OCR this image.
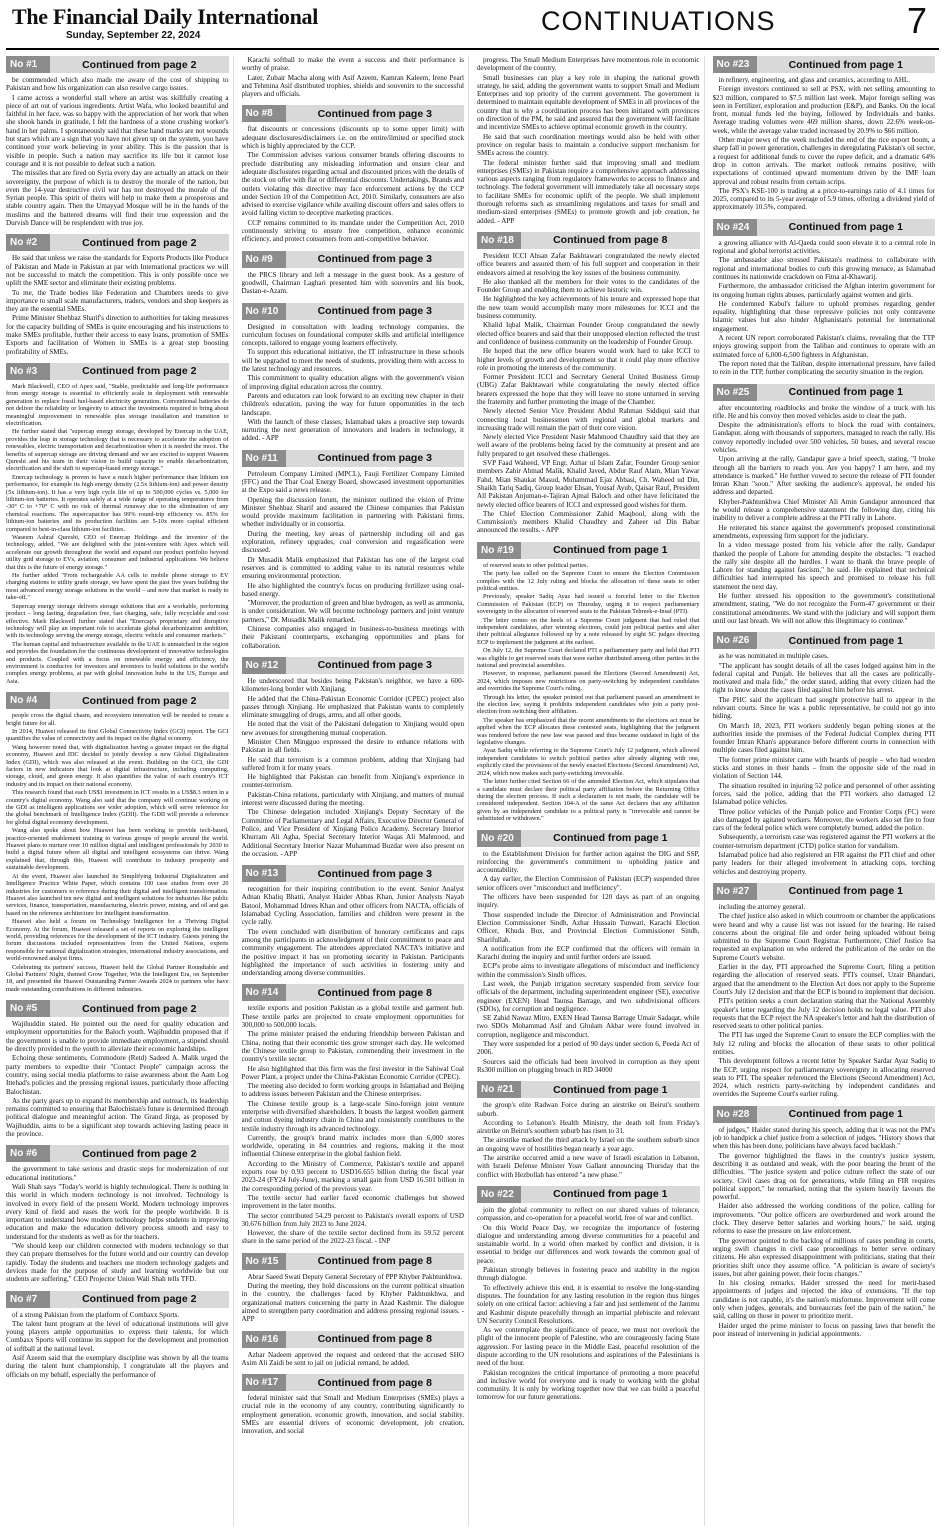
The Financial Daily International
Sunday, September 22, 2024	CONTINUATIONS	7
No #1	Continued from page 2

be commended which also made me aware of the cost of shipping to Pakistan and how his organization can also resolve cargo issues.

I came across a wonderful stall where an artist was skillfully creating a piece of art out of various ingredients. Artist Wafa, who looked beautiful and faithful in her face, was so happy with the appreciation of her work that when she shook hands in gratitude, I felt the hardness of a stone crushing worker's hand in her palms. I spontaneously said that these hand marks are not wounds but stars which are a sign that you have not given up on the system, you have continued your work believing in your ability. This is the passion that is visible in people. Such a nation may sacrifice its life but it cannot lose courage and it is not possible to defeat such a nation.

The missiles that are fired on Syria every day are actually an attack on their sovereignty, the purpose of which is to destroy the morale of the nation, but even the 14-year destructive civil war has not destroyed the morale of the Syrian people. This spirit of theirs will help to make them a prosperous and stable country again. Then the Umayyad Mosque will be in the hands of the muslims and the battered dreams will find their true expression and the Durvish Dance will be resplendent with true joy.

No #2	Continued from page 2

He said that unless we raise the standards for Exports Products like Produce of Pakistan and Made in Pakistan at par with International practices we will not be successful to match the competition. This is only possible once we uplift the SME sector and eliminate their existing problems.

To me, the Trade bodies like Federation and Chambers needs to give importance to small scale manufacturers, traders, vendors and shop keepers as they are the essential SMEs.

Prime Minister Shehbaz Sharif's direction to authorities for taking measures for the capacity building of SMEs is quite encouraging and his instructions to make SMEs profitable, further their access to easy loans, promotion of SMEs Exports and facilitation of Women in SMEs is a great step boosting profitability of SMEs.

No #3	Continued from page 2

Mark Blackwell, CEO of Apex said, "Stable, predictable and long-life performance from energy storage is essential to efficiently scale in deployment with renewable generation to replace fossil fuel-based electricity generation. Conventional batteries do not deliver the reliability or longevity to attract the investments required to bring about meaningful improvement in renewable plus storage installation and transition to electrification.

He further stated that "supercap energy storage, developed by Enercap in the UAE, provides the leap in storage technology that is necessary to accelerate the adoption of renewables, electric transportation and decarbonization when it is needed the most. The benefits of supercap storage are driving demand and we are excited to support Waseem Qureshi and his team in their vision to build capacity to enable decarbonization, electrification and the shift to supercap-based energy storage."

Enercap technology is proven to have a much higher performance than lithium ion performance, for example its high energy density (2.5x lithium-ion) and power density (5x lithium-ion). It has a very high cycle life of up to 500,000 cycles vs. 5,000 for lithium-ion batteries. It operates safely at a wide range of operating temperatures from -30° C to +70° C with no risk of thermal runaway due to the elimination of any chemical reactions. The supercapacitor has 99% round-trip efficiency vs. 85% for lithium-ion batteries and its production facilities are 5-10x more capital efficient compared to best-in-class lithium-ion facilities.

Waseem Ashraf Qureshi, CEO of Enercap Holdings and the inventor of the technology, added, "We are delighted with the joint-venture with Apex which will accelerate our growth throughout the world and expand our product portfolio beyond utility grid storage to EVs, aviation, consumer and industrial applications. We believe that this is the future of energy storage."

He further added "From rechargeable AA cells to mobile phone storage to EV charging stations to utility grade storage, we have spent the past five years building the most advanced energy storage solutions in the world – and now that market is ready to take-off."

Supercap energy storage delivers storage solutions that are a workable, performing product – long lasting, degradation free, fast charging, safe, fully recyclable and cost effective. Mark Blackwell further stated that "Enercap's proprietary and disruptive technology will play an important role to accelerate global decarbonization ambition, with its technology serving the energy storage, electric vehicle and consumer markets."

The human capital and infrastructure available in the UAE is unmatched in the region and provides the foundation for the continuous development of innovative technologies and products. Coupled with a focus on renewable energy and efficiency, the environment is conducive for investors and inventors to build solutions to the world's complex energy problems, at par with global innovation hubs in the US, Europe and Asia.

No #4	Continued from page 2

people cross the digital chasm, and ecosystem innovation will be needed to create a bright future for all.

In 2014, Huawei released its first Global Connectivity Index (GCI) report. The GCI quantifies the value of connectivity and its impact on the digital economy.

Wang however noted that, with digitalization having a greater impact on the digital economy, Huawei and IDC decided to jointly develop a new Global Digitalization Index (GDI), which was also released at the event. Building on the GCI, the GDI factors in new indicators that look at digital infrastructure, including computing, storage, cloud, and green energy. It also quantifies the value of each country's ICT industry and its impact on their national economy.

This research found that each US$1 investment in ICT results in a US$8.3 return in a country's digital economy. Wang also said that the company will continue working on the GDI as intelligent applications see wider adoption, which will serve reference for the global benchmark of Intelligence Index (GDII). The GDII will provide a reference for global digital economy development.

Wang also spoke about how Huawei has been working to provide tech-based, practice-oriented enablement training to various groups of people around the world. Huawei plans to nurture over 10 million digital and intelligent professionals by 2030 to build a digital future where all digital and intelligent ecosystems can thrive. Wang explained that, through this, Huawei will contribute to industry prosperity and sustainable development.

At the event, Huawei also launched its Simplifying Industrial Digitalization and Intelligence Practice White Paper, which contains 100 case studies from over 20 industries for customers to reference during their digital and intelligent transformation. Huawei also launched ten new digital and intelligent solutions for industries like public services, finance, transportation, manufacturing, electric power, mining, and oil and gas based on the reference architecture for intelligent transformation.

Huawei also held a forum on Technology Intelligence for a Thriving Digital Economy. At the forum, Huawei released a set of reports on exploring the intelligent world, providing references for the development of the ICT industry. Guests joining the forum discussions included representatives from the United Nations, experts responsible for national digitalization strategies, international industry associations, and world-renowned analyst firms.

Celebrating its partners' success, Huawei held the Global Partner Roundtable and Global Partners' Night, themed Grow Together, Win the Intelligent Era, on September 18, and presented the Huawei Outstanding Partner Awards 2024 to partners who have made outstanding contributions in different industries.

No #5	Continued from page 2

Wajihuddin stated. He pointed out the need for quality education and employment opportunities for the Baloch youth. Wajihuddin proposed that if the government is unable to provide immediate employment, a stipend should be directly provided to the youth to alleviate their economic hardships.

Echoing these sentiments, Commodore (Retd) Sadeed A. Malik urged the party members to expedite their "Contact People" campaign across the country, using social media platforms to raise awareness about the Aam Log Ittehad's policies and the pressing regional issues, particularly those affecting Balochistan.

As the party gears up to expand its membership and outreach, its leadership remains committed to ensuring that Balochistan's future is determined through political dialogue and meaningful action. The Grand Jirga, as proposed by Wajihuddin, aims to be a significant step towards achieving lasting peace in the province.

No #6	Continued from page 2

the government to take serious and drastic steps for modernization of our educational institutions."

Wali Shah says "Today's world is highly technological. There is nothing in this world in which modern technology is not involved. Technology is involved in every field of the present World. Modern technology improves every kind of field and eases the work for the people worldwide. It is important to understand how modern technology helps students in improving education and make the education delivery process smooth and easy to understand for the students as well as for the teachers.

"We should keep our children connected with modern technology so that they can prepare themselves for the future world and our country can develop rapidly. Today the students and teachers use modern technology gadgets and devices made for the purpose of study and learning worldwide but our students are suffering," CEO Projector Union Wali Shah tells TFD.

No #7	Continued from page 2

of a strong Pakistan from the platform of Combaxx Sports.

The talent hunt program at the level of educational institutions will give young players ample opportunities to express their talents, for which Combaxx Sports will continue its support for the development and promotion of softball at the national level.

Asif Azeem said that the exemplary discipline was shown by all the teams during the talent hunt championship, I congratulate all the players and officials on my behalf, especially the performance of

Karachi softball to make the event a success and their performance is worthy of praise.

Later, Zubair Macha along with Asif Azeem, Kamran Kaleem, Irene Pearl and Tehmina Asif distributed trophies, shields and souvenirs to the successful players and officials.

No #8	Continued from page 3

flat discounts or concessions (discounts up to some upper limit) with adequate disclosures/disclaimers i.e. on the entire/limited or specified stock which is highly appreciated by the CCP.

The Commission advises various consumer brands offering discounts to preclude distributing any misleading information and ensure clear and adequate disclosures regarding actual and discounted prices with the details of the stock on offer with flat or differential discounts. Undertakings, Brands and outlets violating this directive may face enforcement actions by the CCP under Section 10 of the Competition Act, 2010. Similarly, consumers are also advised to exercise vigilance while availing discount offers and sales offers to avoid falling victim to deceptive marketing practices.

CCP remains committed to its mandate under the Competition Act, 2010 continuously striving to ensure free competition, enhance economic efficiency, and protect consumers from anti-competitive behavior.

No #9	Continued from page 3

the PRCS library and left a message in the guest book. As a gesture of goodwill, Chairman Laghari presented him with souvenirs and his book, Dastan-e-Azam.

No #10	Continued from page 3

Designed in consultation with leading technology companies, the curriculum focuses on foundational computer skills and artificial intelligence concepts, tailored to engage young learners effectively.

To support this educational initiative, the IT infrastructure in these schools will be upgraded to meet the needs of students, providing them with access to the latest technology and resources.

This commitment to quality education aligns with the government's vision of improving digital education across the country.

Parents and educators can look forward to an exciting new chapter in their children's education, paving the way for future opportunities in the tech landscape.

With the launch of these classes, Islamabad takes a proactive step towards nurturing the next generation of innovators and leaders in technology, it added. - APP

No #11	Continued from page 3

Petroleum Company Limited (MPCL), Fauji Fertilizer Company Limited (FFC) and the Thar Coal Energy Board, showcased investment opportunities at the Expo said a news release.

Opening the discussion forum, the minister outlined the vision of Prime Minister Shehbaz Sharif and assured the Chinese companies that Pakistan would provide maximum facilitation in partnering with Pakistani firms, whether individually or in consortia.

During the meeting, key areas of partnership including oil and gas exploration, refinery upgrades, coal conversion and regasification were discussed.

Dr Musadik Malik emphasized that Pakistan has one of the largest coal reserves and is committed to adding value to its natural resources while ensuring environmental protection.

He also highlighted the country's focus on producing fertilizer using coal-based energy.

"Moreover, the production of green and blue hydrogen, as well as ammonia, is under consideration. We will become technology partners and joint venture partners," Dr. Musadik Malik remarked.

Chinese companies also engaged in business-to-business meetings with their Pakistani counterparts, exchanging opportunities and plans for collaboration.

No #12	Continued from page 3

He underscored that besides being Pakistan's neighbor, we have a 600-kilometer-long border with Xinjiang.

He added that the China-Pakistan Economic Corridor (CPEC) project also passes through Xinjiang. He emphasized that Pakistan wants to completely eliminate smuggling of drugs, arms, and all other goods.

He noted that the visit of the Pakistani delegation to Xinjiang would open new avenues for strengthening mutual cooperation.

Minister Chen Mingguo expressed the desire to enhance relations with Pakistan in all fields.

He said that terrorism is a common problem, adding that Xinjiang had suffered from it for many years.

He highlighted that Pakistan can benefit from Xinjiang's experience in counter-terrorism.

Pakistan-China relations, particularly with Xinjiang, and matters of mutual interest were discussed during the meeting.

The Chinese delegation included Xinjiang's Deputy Secretary of the Committee of Parliamentary and Legal Affairs, Executive Director General of Police, and Vice President of Xinjiang Police Academy. Secretary Interior Khurram Ali Agha, Special Secretary Interior Waqas Ali Mahmood, and Additional Secretary Interior Nazar Muhammad Buzdar were also present on the occasion. - APP

No #13	Continued from page 3

recognition for their inspiring contribution to the event. Senior Analyst Adnan Khaliq Bhatti, Analyst Haider Abbas Khan, Junior Analysts Nayab Batool, Mohammad Idrees Khan and other officers from NACTA, officials of Islamabad Cycling Association, families and children were present in the cycle rally.

The event concluded with distribution of honorary certificates and caps among the participants in acknowledgment of their commitment to peace and community engagement. The attendees appreciated NACTA's initiative and the positive impact it has on promoting security in Pakistan. Participants highlighted the importance of such activities in fostering unity and understanding among diverse communities.

No #14	Continued from page 8

textile exports and position Pakistan as a global textile and garment hub. These textile parks are projected to create employment opportunities for 300,000 to 500,000 locals.

The prime minister praised the enduring friendship between Pakistan and China, noting that their economic ties grow stronger each day. He welcomed the Chinese textile group to Pakistan, commending their investment in the country's textile sector.

He also highlighted that this firm was the first investor in the Sahiwal Coal Power Plant, a project under the China-Pakistan Economic Corridor (CPEC).

The meeting also decided to form working groups in Islamabad and Beijing to address issues between Pakistan and the Chinese enterprises.

The Chinese textile group is a large-scale Sino-foreign joint venture enterprise with diversified shareholders. It boasts the largest woollen garment and cotton dyeing industry chain in China and consistently contributes to the textile industry through its advanced technology.

Currently, the group's brand matrix includes more than 6,000 stores worldwide, operating in 84 countries and regions, making it the most influential Chinese enterprise in the global fashion field.

According to the Ministry of Commerce, Pakistan's textile and apparel exports rose by 0.93 percent to USD16.655 billion during the fiscal year 2023-24 (FY24 July-June), marking a small gain from USD 16.501 billion in the corresponding period of the previous year.

The textile sector had earlier faced economic challenges but showed improvement in the later months.

The sector contributed 54.29 percent to Pakistan's overall exports of USD 30.676 billion from July 2023 to June 2024.

However, the share of the textile sector declined from its 59.52 percent share in the same period of the 2022-23 fiscal. - INP

No #15	Continued from page 8

Abrar Saeed Swati Deputy General Secretary of PPP Khyber Pakhtunkhwa.

During the meeting, they hold discussions on the current political situation in the country, the challenges faced by Khyber Pakhtunkhwa, and organizational matters concerning the party in Azad Kashmir. The dialogue aimed to strengthen party coordination and address pressing regional issues. - APP

No #16	Continued from page 8

Azhar Nadeem approved the request and ordered that the accused SHO Asim Ali Zaidi be sent to jail on judicial remand, he added.

No #17	Continued from page 8

federal minister said that Small and Medium Enterprises (SMEs) plays a crucial role in the economy of any country, contributing significantly to employment generation, economic growth, innovation, and social stability. SMEs are essential drivers of economic development, job creation, innovation, and social

progress. The Small Medium Enterprises have momentous role in economic development of the country.

Small businesses can play a key role in shaping the national growth strategy, he said, adding the government wants to support Small and Medium Enterprises and top priority of the current government. The government is determined to maintain equitable development of SMEs in all provinces of the country that is why a coordination process has been initiated with provinces on direction of the PM, he said and assured that the government will facilitate and incentivize SMEs to achieve optimal economic growth in the country.

He said that such coordination meetings would also be held with other province on regular basis to maintain a conducive support mechanism for SMEs across the country.

The federal minister further said that improving small and medium enterprises (SMEs) in Pakistan require a comprehensive approach addressing various aspects ranging from regulatory frameworks to access to finance and technology. The federal government will immediately take all necessary steps to facilitate SMEs for economic uplift of the people. We shall implement thorough reforms such as streamlining regulations and taxes for small and medium-sized enterprises (SMEs) to promote growth and job creation, he added. - APP

No #18	Continued from page 8

President ICCI Ahsan Zafar Bakhtawari congratulated the newly elected office bearers and assured them of his full support and cooperation in their endeavors aimed at resolving the key issues of the business community.

He also thanked all the members for their votes to the candidates of the Founder Group and enabling them to achieve historic win.

He highlighted the key achievements of his tenure and expressed hope that the new team would accomplish many more milestones for ICCI and the business community.

Khalid Iqbal Malik, Chairman Founder Group congratulated the newly elected office bearers and said that their unopposed election reflected the trust and confidence of business community on the leadership of Founder Group.

He hoped that the new office bearers would work hard to take ICCI to higher levels of growth and development so that it could play more effective role in promoting the interests of the community.

Former President ICCI and Secretary General United Business Group (UBG) Zafar Bakhtawari while congratulating the newly elected office bearers expressed the hope that they will leave no stone unturned in serving the fraternity and further promoting the image of the Chamber.

Newly elected Senior Vice President Abdul Rahman Siddiqui said that connecting local businessmen with regional and global markets and increasing trade will remain the part of their core vision.

Newly elected Vice President Nasir Mahmood Chaudhry said that they are well aware of the problems being faced by the community at present and are fully prepared to get resolved these challenges.

SVP Faad Waheed, VP Engr. Azhar ul Islam Zafar, Founder Group senior members Zahir Ahmad Malik, Khalid Javed, Abdur Rauf Alam, Mian Yawar Fahd, Mian Shaukat Masud, Muhammad Ejaz Abbasi, Ch. Waheed ud Din, Shaikh Tariq Sadiq, Group leader Ehsan, Yousaf Ayub, Qaisar Rauf, President All Pakistan Anjuman-e-Tajiran Ajmal Baloch and other have felicitated the newly elected office bearers of ICCI and expressed good wishes for them.

The Chief Election Commissioner Zahid Maqbool, along with the Commission's members Khalid Chaudhry and Zaheer ud Din Babar announced the results. - APP

No #19	Continued from page 1

of reserved seats to other political parties.

The party has called on the Supreme Court to ensure the Election Commission complies with the 12 July ruling and blocks the allocation of these seats to other political entities.

Previously, speaker Sadiq Ayaz had issued a forceful letter to the Election Commission of Pakistan (ECP) on Thursday, urging it to respect parliamentary sovereignty in the allocation of reserved seats to the Pakistan Tehreek-e-Insaf (PTI).

The letter comes on the heels of a Supreme Court judgment that had ruled that independent candidates, after winning elections, could join political parties and alter their political allegiance followed up by a note released by eight SC judges directing ECP to implement the judgment at the earliest.

On July 12, the Supreme Court declared PTI a parliamentary party and held that PTI was eligible to get reserved seats that were earlier distributed among other parties in the national and provincial assemblies.

However, in response, parliament passed the Elections (Second Amendment) Act, 2024, which imposes new restrictions on party-switching by independent candidates and overrides the Supreme Court's ruling.

Through his letter, the speaker pointed out that parliament passed an amendment to the election law, saying it prohibits independent candidates who join a party post-election from switching their affiliation.

The speaker has emphasized that the recent amendments to the elections act must be applied when the ECP allocates these contested seats, highlighting that the judgment was rendered before the new law was passed and thus became outdated in light of the legislative changes.

Ayaz Sadiq while referring to the Supreme Court's July 12 judgment, which allowed independent candidates to switch political parties after already aligning with one, explicitly cited the provisions of the newly enacted Elections (Second Amendment) Act, 2024, which now makes such party-switching irrevocable.

The letter further cited Section 66 of the amended Election Act, which stipulates that a candidate must declare their political party affiliation before the Returning Office during the election process. If such a declaration is not made, the candidate will be considered independent. Section 104-A of the same Act declares that any affiliation given by an independent candidate to a political party is "irrevocable and cannot be substituted or withdrawn."

No #20	Continued from page 1

to the Establishment Division for further action against the DIG and SSP, reinforcing the government's commitment to upholding justice and accountability.

A day earlier, the Election Commission of Pakistan (ECP) suspended three senior officers over "misconduct and inefficiency".

The officers have been suspended for 120 days as part of an ongoing inquiry.

Those suspended include the Director of Administration and Provincial Election Commissioner Sindh, Azhar Hussain Tunwari, Karachi Election Officer, Khuda Bux, and Provincial Election Commissioner Sindh, Sharifullah.

A notification from the ECP confirmed that the officers will remain in Karachi during the inquiry and until further orders are issued.

ECP's probe aims to investigate allegations of misconduct and inefficiency within the commission's Sindh offices.

Last week, the Punjab irrigation secretary suspended from service four officials of the department, including superintendent engineer (SE), executive engineer (EXEN) Head Taunsa Barrage, and two subdivisional officers (SDOs), for corruption and negligence.

SE Zahid Nawaz Mitro, EXEN Head Taunsa Barrage Umair Sadaqat, while two SDOs Mohammad Asif and Ghulam Akbar were found involved in corruption, negligence and misconduct.

They were suspended for a period of 90 days under section 6, Peeda Act of 2006.

Sources said the officials had been involved in corruption as they spent Rs300 million on plugging breach in RD 34000

No #21	Continued from page 1

the group's elite Radwan Force during an airstrike on Beirut's southern suburb.

According to Lebanon's Health Ministry, the death toll from Friday's airstrike on Beirut's southern suburb has risen to 31.

The airstrike marked the third attack by Israel on the southern suburb since an ongoing wave of hostilities began nearly a year ago.

The airstrike occurred amid a new wave of Israeli escalation in Lebanon, with Israeli Defense Minister Yoav Gallant announcing Thursday that the conflict with Hezbollah has entered "a new phase."

No #22	Continued from page 1

join the global community to reflect on our shared values of tolerance, compassion, and co-operation for a peaceful world, free of war and conflict.

On this World Peace Day, we recognize the importance of fostering dialogue and understanding among diverse communities for a peaceful and sustainable world. In a world often marked by conflict and division, it is essential to bridge our differences and work towards the common goal of peace.

Pakistan strongly believes in fostering peace and stability in the region through dialogue.

To effectively achieve this end, it is essential to resolve the long-standing disputes. The foundation for any lasting resolution in the region thus hinges solely on one critical factor: achieving a fair and just settlement of the Jammu and Kashmir dispute peacefully through an impartial plebiscite and relevant UN Security Council Resolutions.

As we contemplate the significance of peace, we must not overlook the plight of the innocent people of Palestine, who are courageously facing State aggression. For lasting peace in the Middle East, peaceful resolution of the dispute according to the UN resolutions and aspirations of the Palestinians is need of the hour.

Pakistan recognizes the critical importance of promoting a more peaceful and inclusive world for everyone and is ready to working with the global community. It is only by working together now that we can build a peaceful tomorrow for our future generations.

No #23	Continued from page 1

in refinery, engineering, and glass and ceramics, according to AHL.

Foreign investors continued to sell at PSX, with net selling amounting to $23 million, compared to $7.5 million last week. Major foreign selling was seen in Fertilizer, exploration and production (E&P), and Banks. On the local front, mutual funds led the buying, followed by Individuals and banks. Average trading volumes were 469 million shares, down 22.6% week-on-week, while the average value traded increased by 20.9% to $66 million.

Other major news of the week included the end of the rice export boom, a sharp fall in power generation, challenges in deregulating Pakistan's oil sector, a request for additional funds to cover the rupee deficit, and a dramatic 64% drop in cotton arrivals. The market outlook remains positive, with expectations of continued upward momentum driven by the IMF loan approval and robust results from certain scrips.

The PSX's KSE-100 is trading at a price-to-earnings ratio of 4.1 times for 2025, compared to its 5-year average of 5.9 times, offering a dividend yield of approximately 10.5%, compared.

No #24	Continued from page 1

a growing alliance with Al-Qaeda could soon elevate it to a central role in regional and global terrorist activities.

The ambassador also stressed Pakistan's readiness to collaborate with regional and international bodies to curb this growing menace, as Islamabad continues its nationwide crackdown on Fitna al-Khawarij.

Furthermore, the ambassador criticised the Afghan interim government for its ongoing human rights abuses, particularly against women and girls.

He condemned Kabul's failure to uphold promises regarding gender equality, highlighting that these repressive policies not only contravene Islamic values but also hinder Afghanistan's potential for international engagement.

A recent UN report corroborated Pakistan's claims, revealing that the TTP enjoys growing support from the Taliban and continues to operate with an estimated force of 6,000-6,500 fighters in Afghanistan.

The report noted that the Taliban, despite international pressure, have failed to rein in the TTP, further complicating the security situation in the region.

No #25	Continued from page 1

after encountering roadblocks and broke the window of a truck with his rifle. He and his convoy then moved vehicles aside to clear the path.

Despite the administration's efforts to block the road with containers, Gandapur, along with thousands of supporters, managed to reach the rally. His convoy reportedly included over 500 vehicles, 50 buses, and several rescue vehicles.

Upon arriving at the rally, Gandapur gave a brief speech, stating, "I broke through all the barriers to reach you. Are you happy? I am here, and my attendance is marked." He further vowed to secure the release of PTI founder Imran Khan "soon." After seeking the audience's approval, he ended his address and departed.

Khyber-Pakhtunkhwa Chief Minister Ali Amin Gandapur announced that he would release a comprehensive statement the following day, citing his inability to deliver a complete address at the PTI rally in Lahore.

He reiterated his stance against the government's proposed constitutional amendments, expressing firm support for the judiciary.

In a video message posted from his vehicle after the rally, Gandapur thanked the people of Lahore for attending despite the obstacles. "I reached the rally site despite all the hurdles. I want to thank the brave people of Lahore for standing against fascism," he said. He explained that technical difficulties had interrupted his speech and promised to release his full statement the next day.

He further stressed his opposition to the government's constitutional amendment, stating, "We do not recognize the Form-47 government or their constitutional amendments. We stand with the judiciary and will support them until our last breath. We will not allow this illegitimacy to continue."

No #26	Continued from page 1

as he was nominated in multiple cases.

"The applicant has sought details of all the cases lodged against him in the federal capital and Punjab. He believes that all the cases are politically-motivated and mala fide," the order stated, adding that every citizen had the right to know about the cases filed against him before his arrest.

The PHC said the applicant had sought protective bail to appear in the relevant courts. Since he was a public representative, he could not go into hiding.

On March 18, 2023, PTI workers suddenly began pelting stones at the authorities inside the premises of the Federal Judicial Complex during PTI founder Imran Khan's appearance before different courts in connection with multiple cases filed against him.

The former prime minister came with hoards of people – who had wooden sticks and stones in their hands – from the opposite side of the road in violation of Section 144.

The situation resulted in injuring 52 police and personnel of other assisting forces, said the police, adding that the PTI workers also damaged 12 Islamabad police vehicles.

Three police vehicles of the Punjab police and Frontier Corps (FC) were also damaged by agitated workers. Moreover, the workers also set fire to four cars of the federal police which were completely burned, added the police.

Subsequently, a terrorism case was registered against the PTI workers at the counter-terrorism department (CTD) police station for vandalism.

Islamabad police had also registered an FIR against the PTI chief and other party leaders for their alleged involvement in attacking cops, torching vehicles and destroying property.

No #27	Continued from page 1

including the attorney general.

The chief justice also asked in which courtroom or chamber the applications were heard and why a cause list was not issued for the hearing. He raised concerns about the original file and order being uploaded without being submitted to the Supreme Court Registrar. Furthermore, Chief Justice Isa requested an explanation on who ordered the publication of the order on the Supreme Court's website.

Earlier in the day, PTI approached the Supreme Court, filing a petition regarding the allocation of reserved seats. PTI's counsel, Uzair Bhandari, argued that the amendment to the Election Act does not apply to the Supreme Court's July 12 decision and that the ECP is bound to implement that decision.

PTI's petition seeks a court declaration stating that the National Assembly speaker's letter regarding the July 12 decision holds no legal value. PTI also requests that the ECP reject the NA speaker's letter and halt the distribution of reserved seats to other political parties.

The PTI has urged the Supreme Court to ensure the ECP complies with the July 12 ruling and blocks the allocation of these seats to other political entities.

This development follows a recent letter by Speaker Sardar Ayaz Sadiq to the ECP, urging respect for parliamentary sovereignty in allocating reserved seats to PTI. The speaker referenced the Elections (Second Amendment) Act, 2024, which restricts party-switching by independent candidates and overrides the Supreme Court's earlier ruling.

No #28	Continued from page 1

of judges," Haider stated during his speech, adding that it was not the PM's job to handpick a chief justice from a selection of judges. "History shows that when this has been done, politicians have always faced backlash."

The governor highlighted the flaws in the country's justice system, describing it as outdated and weak, with the poor bearing the brunt of the difficulties. "The justice system and police culture reflect the state of our society. Civil cases drag on for generations, while filing an FIR requires political support," he remarked, noting that the system heavily favours the powerful.

Haider also addressed the working conditions of the police, calling for improvements. "Our police officers are overburdened and work around the clock. They deserve better salaries and working hours," he said, urging reforms to ease the pressure on law enforcement.

The governor pointed to the backlog of millions of cases pending in courts, urging swift changes in civil case proceedings to better serve ordinary citizens. He also expressed disappointment with politicians, stating that their priorities shift once they assume office. "A politician is aware of society's issues, but after gaining power, their focus changes."

In his closing remarks, Haider stressed the need for merit-based appointments of judges and rejected the idea of extensions. "If the top candidate is not capable, it's the nation's misfortune. Improvement will come only when judges, generals, and bureaucrats feel the pain of the nation," he said, calling on those in power to prioritize merit.

Haider urged the prime minister to focus on passing laws that benefit the poor instead of intervening in judicial appointments.
